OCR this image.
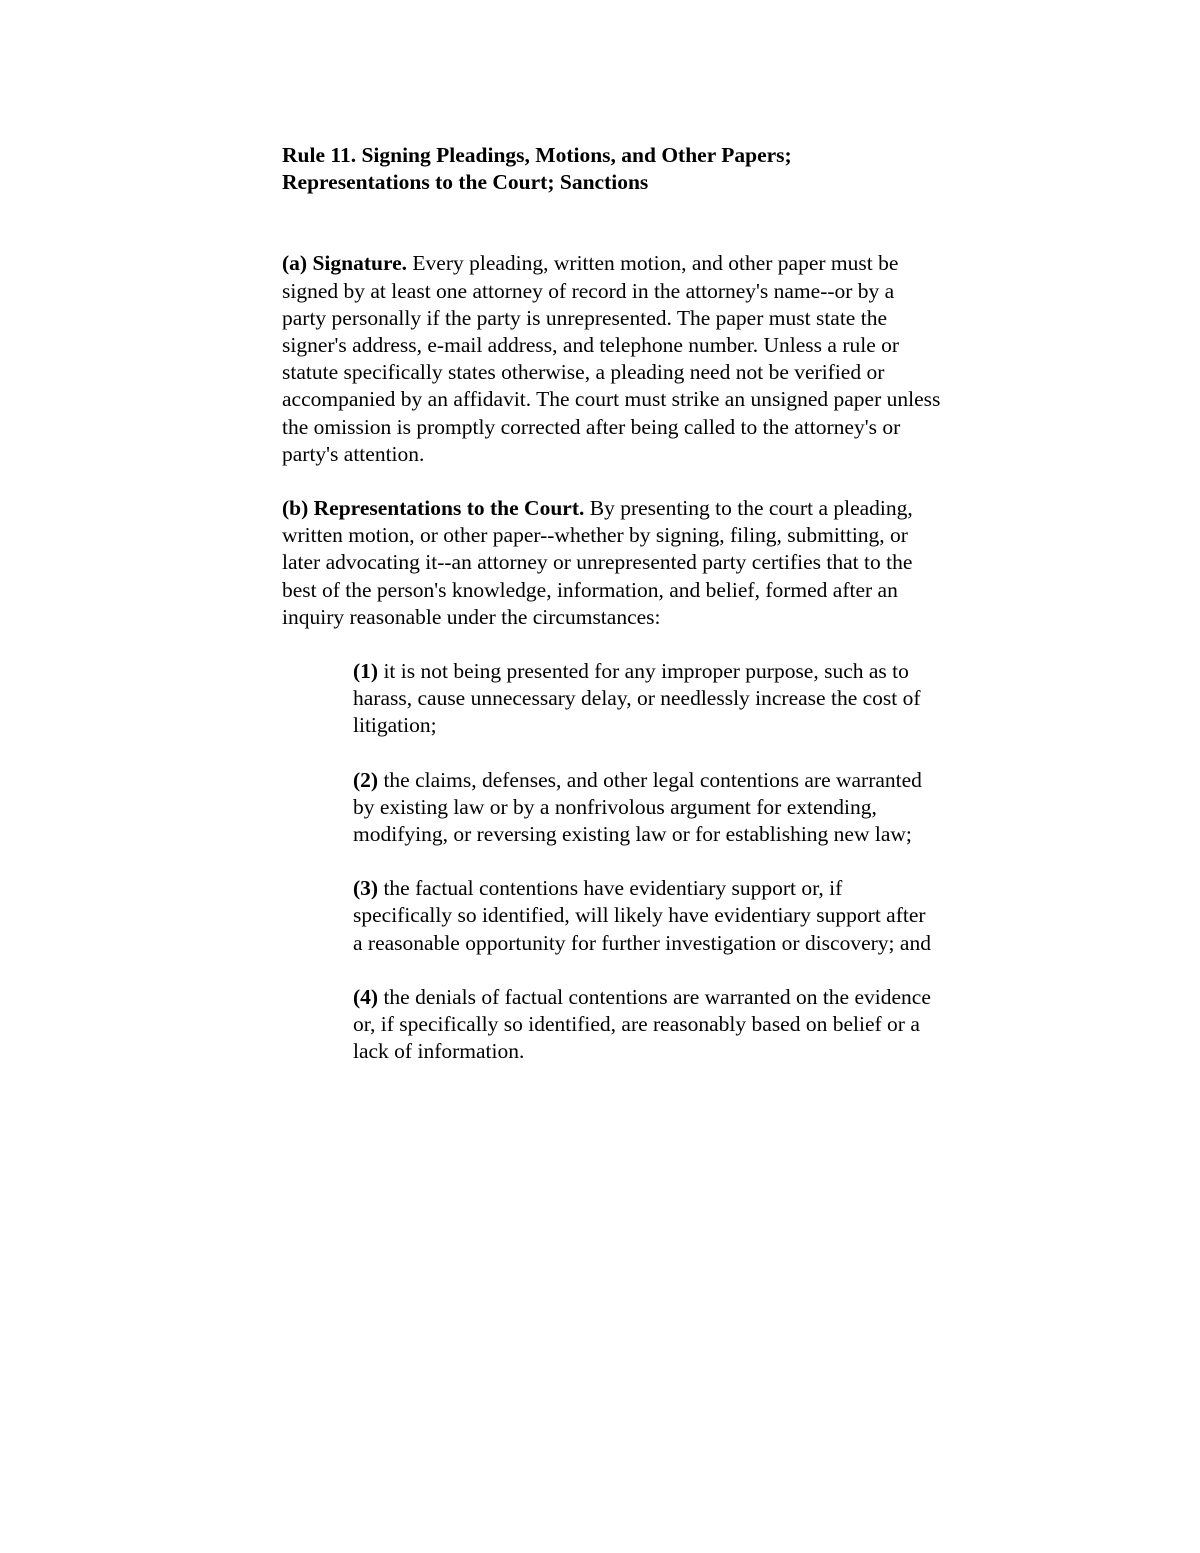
Rule 11. Signing Pleadings, Motions, and Other Papers;
Representations to the Court; Sanctions

(a) Signature. Every pleading, written motion, and other paper must be signed by at least one attorney of record in the attorney's name--or by a party personally if the party is unrepresented. The paper must state the signer's address, e-mail address, and telephone number. Unless a rule or statute specifically states otherwise, a pleading need not be verified or accompanied by an affidavit. The court must strike an unsigned paper unless the omission is promptly corrected after being called to the attorney's or party's attention.

(b) Representations to the Court. By presenting to the court a pleading, written motion, or other paper--whether by signing, filing, submitting, or later advocating it--an attorney or unrepresented party certifies that to the best of the person's knowledge, information, and belief, formed after an inquiry reasonable under the circumstances:

(1) it is not being presented for any improper purpose, such as to harass, cause unnecessary delay, or needlessly increase the cost of litigation;
(2) the claims, defenses, and other legal contentions are warranted by existing law or by a nonfrivolous argument for extending, modifying, or reversing existing law or for establishing new law;
(3) the factual contentions have evidentiary support or, if specifically so identified, will likely have evidentiary support after a reasonable opportunity for further investigation or discovery; and
(4) the denials of factual contentions are warranted on the evidence or, if specifically so identified, are reasonably based on belief or a lack of information.
